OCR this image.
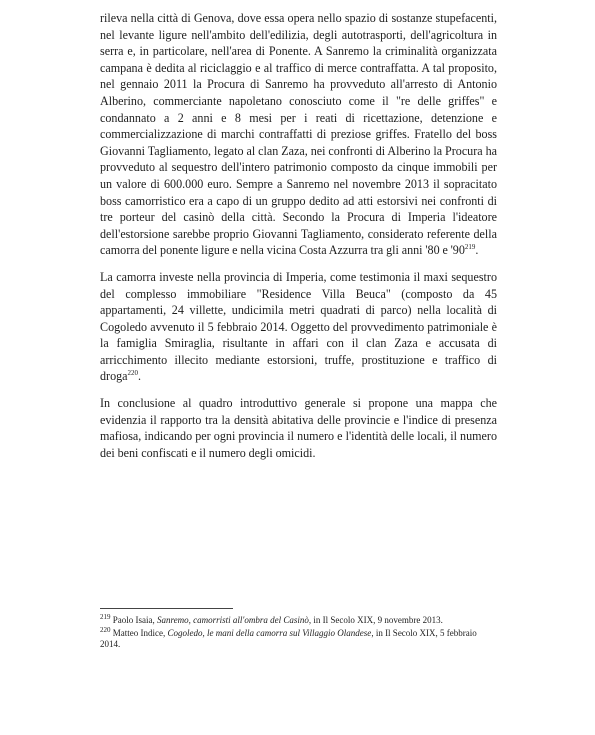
rileva nella città di Genova, dove essa opera nello spazio di sostanze stupefacenti, nel levante ligure nell'ambito dell'edilizia, degli autotrasporti, dell'agricoltura in serra e, in particolare, nell'area di Ponente. A Sanremo la criminalità organizzata campana è dedita al riciclaggio e al traffico di merce contraffatta. A tal proposito, nel gennaio 2011 la Procura di Sanremo ha provveduto all'arresto di Antonio Alberino, commerciante napoletano conosciuto come il "re delle griffes" e condannato a 2 anni e 8 mesi per i reati di ricettazione, detenzione e commercializzazione di marchi contraffatti di preziose griffes. Fratello del boss Giovanni Tagliamento, legato al clan Zaza, nei confronti di Alberino la Procura ha provveduto al sequestro dell'intero patrimonio composto da cinque immobili per un valore di 600.000 euro. Sempre a Sanremo nel novembre 2013 il sopracitato boss camorristico era a capo di un gruppo dedito ad atti estorsivi nei confronti di tre porteur del casinò della città. Secondo la Procura di Imperia l'ideatore dell'estorsione sarebbe proprio Giovanni Tagliamento, considerato referente della camorra del ponente ligure e nella vicina Costa Azzurra tra gli anni '80 e '$90^{219}$.

La camorra investe nella provincia di Imperia, come testimonia il maxi sequestro del complesso immobiliare "Residence Villa Beuca" (composto da 45 appartamenti, 24 villette, undicimila metri quadrati di parco) nella località di Cogoledo avvenuto il 5 febbraio 2014. Oggetto del provvedimento patrimoniale è la famiglia Smiraglia, risultante in affari con il clan Zaza e accusata di arricchimento illecito mediante estorsioni, truffe, prostituzione e traffico di droga$^{220}$.

In conclusione al quadro introduttivo generale si propone una mappa che evidenzia il rapporto tra la densità abitativa delle provincie e l'indice di presenza mafiosa, indicando per ogni provincia il numero e l'identità delle locali, il numero dei beni confiscati e il numero degli omicidi.

$^{219}$ Paolo Isaia, Sanremo, camorristi all'ombra del Casinò, in Il Secolo XIX, 9 novembre 2013.

$^{220}$ Matteo Indice, Cogoledo, le mani della camorra sul Villaggio Olandese, in Il Secolo XIX, 5 febbraio 2014.
